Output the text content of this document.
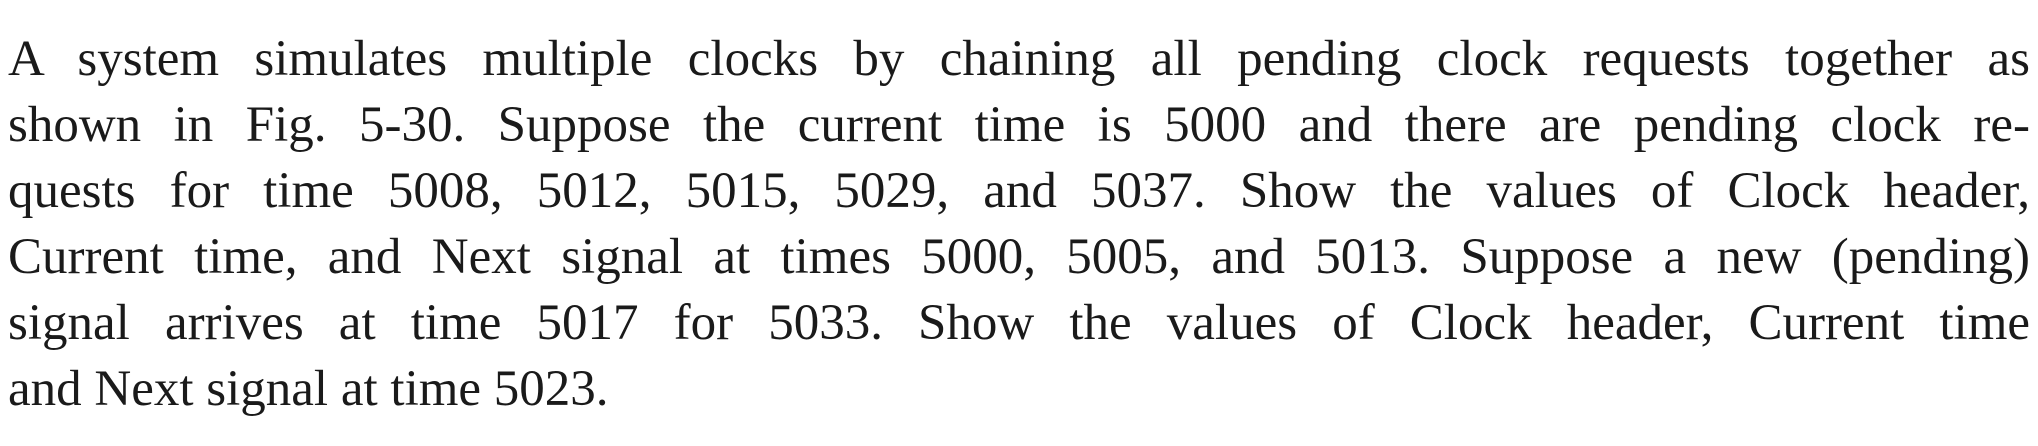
A system simulates multiple clocks by chaining all pending clock requests together as
shown in Fig. 5-30. Suppose the current time is 5000 and there are pending clock re-
quests for time 5008, 5012, 5015, 5029, and 5037. Show the values of Clock header,
Current time, and Next signal at times 5000, 5005, and 5013. Suppose a new (pending)
signal arrives at time 5017 for 5033. Show the values of Clock header, Current time
and Next signal at time 5023.
